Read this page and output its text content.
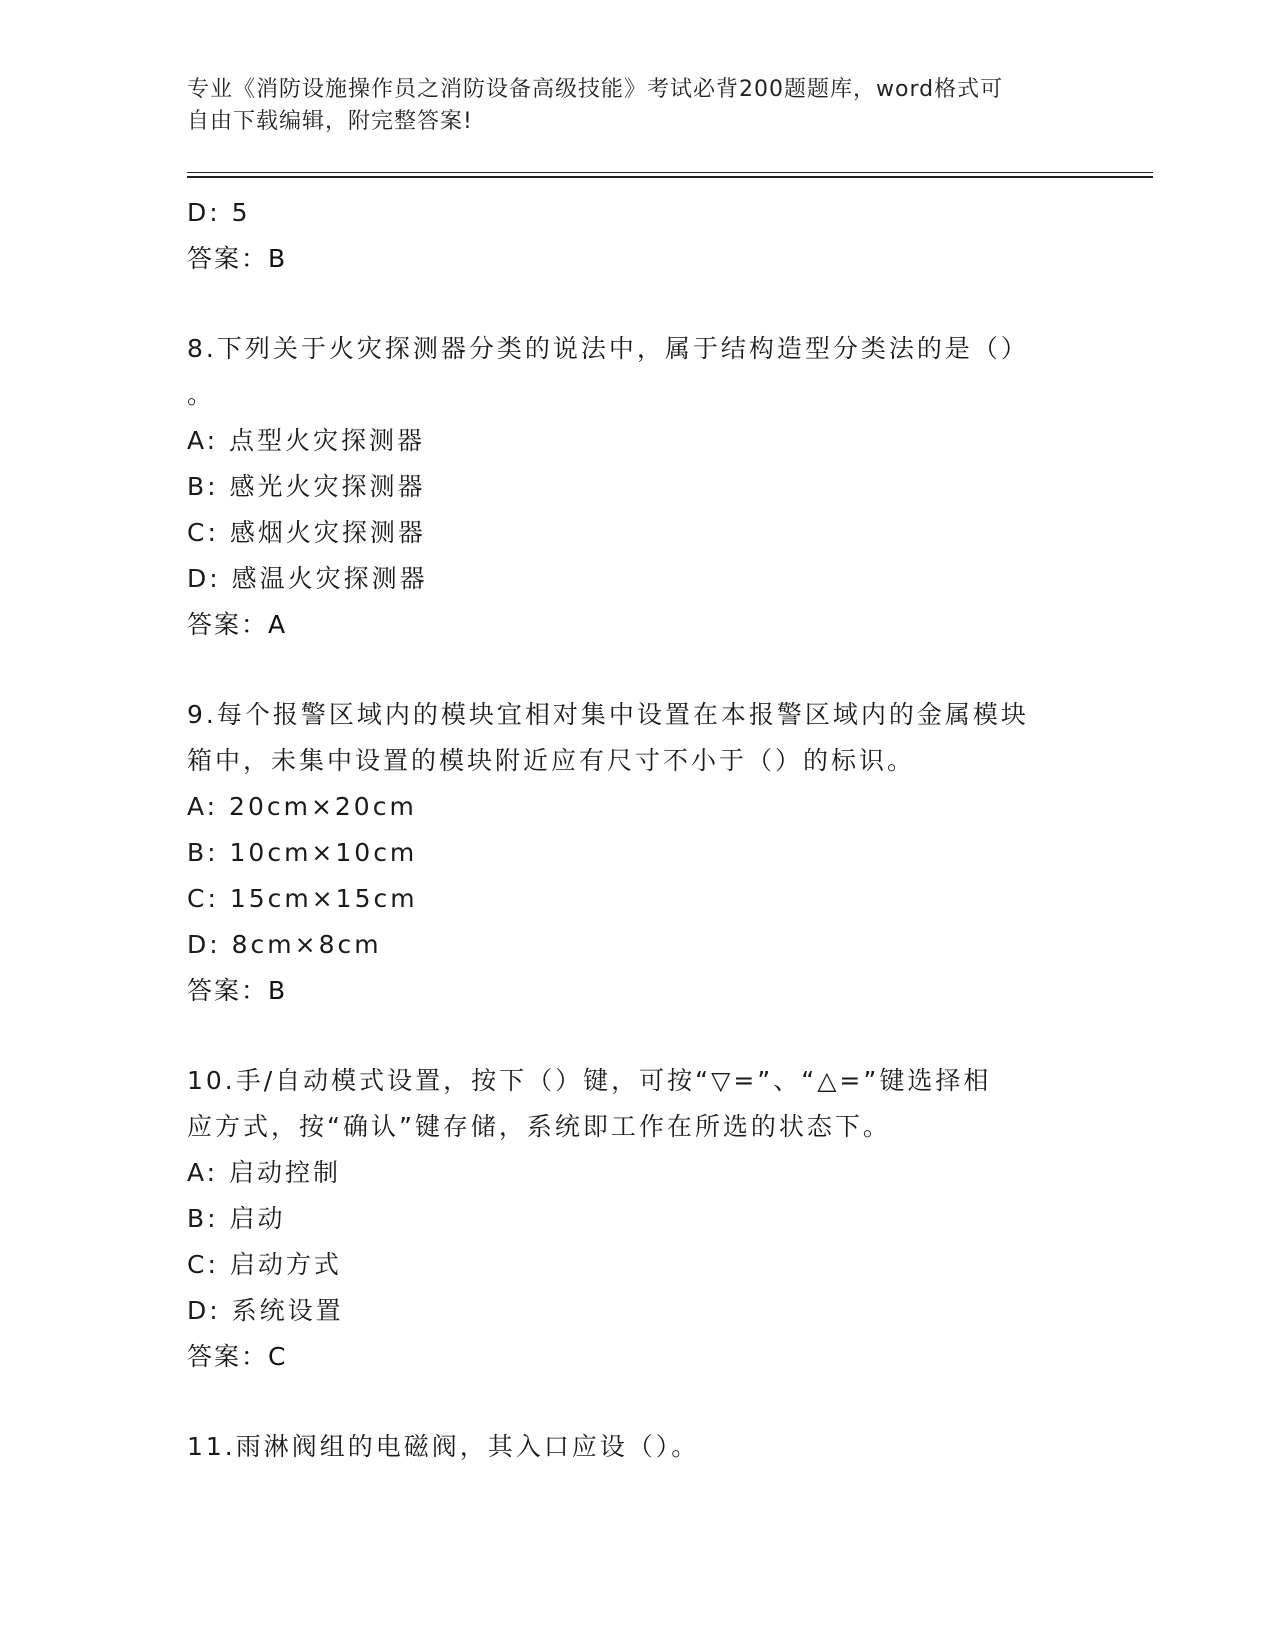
专业《消防设施操作员之消防设备高级技能》考试必背200题题库，word格式可
自由下载编辑，附完整答案!
D: 5
答案：B
8.下列关于火灾探测器分类的说法中，属于结构造型分类法的是（）
。
A: 点型火灾探测器
B: 感光火灾探测器
C: 感烟火灾探测器
D: 感温火灾探测器
答案：A
9.每个报警区域内的模块宜相对集中设置在本报警区域内的金属模块
箱中，未集中设置的模块附近应有尺寸不小于（）的标识。
A: 20cm×20cm
B: 10cm×10cm
C: 15cm×15cm
D: 8cm×8cm
答案：B
10.手/自动模式设置，按下（）键，可按“▽=”、“△=”键选择相
应方式，按“确认”键存储，系统即工作在所选的状态下。
A: 启动控制
B: 启动
C: 启动方式
D: 系统设置
答案：C
11.雨淋阀组的电磁阀，其入口应设（）。
